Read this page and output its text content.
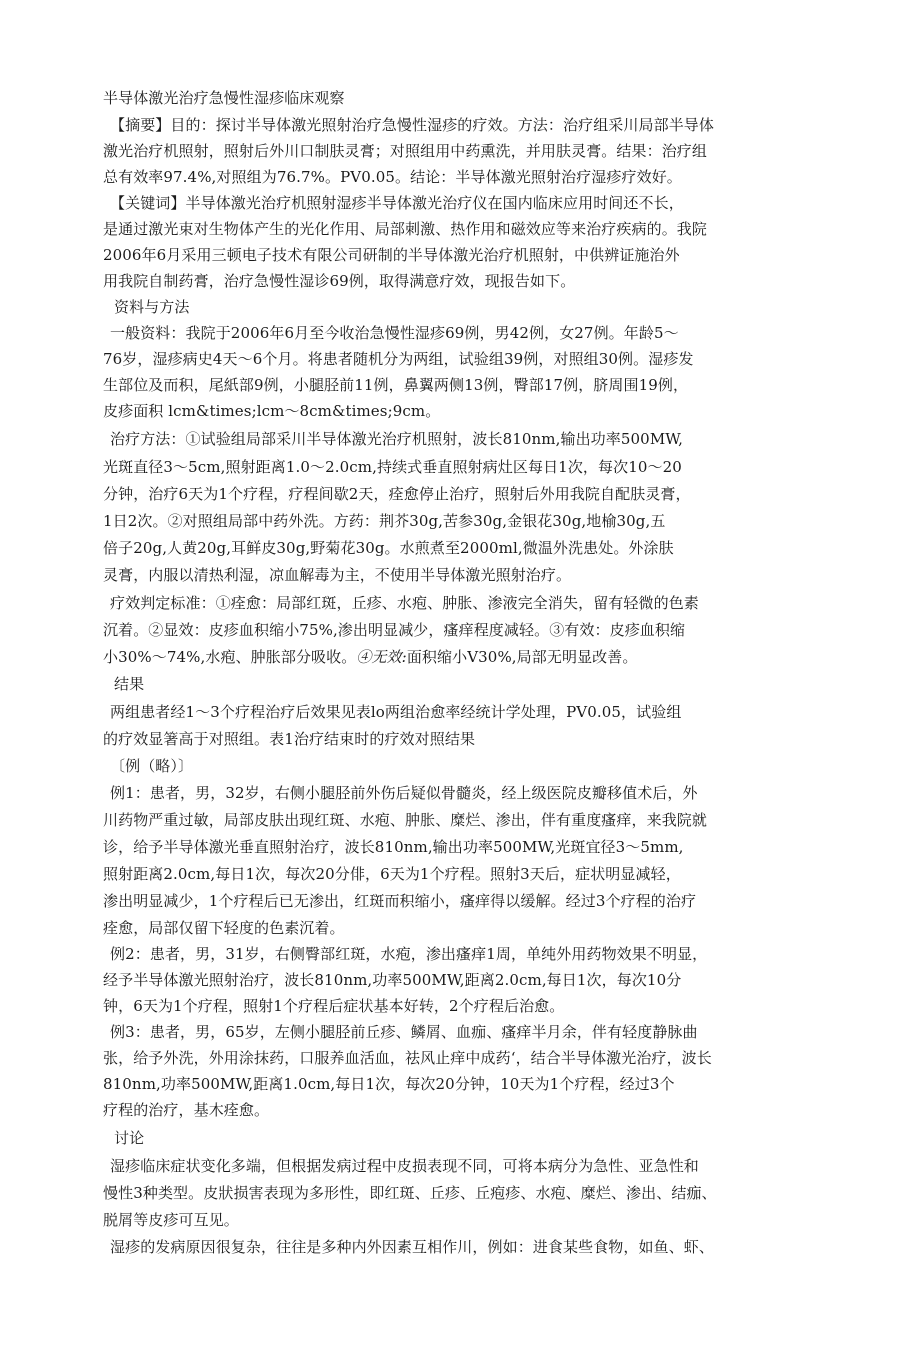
半导体激光治疗急慢性湿疹临床观察
【摘要】目的：探讨半导体激光照射治疗急慢性湿疹的疗效。方法：治疗组采川局部半导体
激光治疗机照射，照射后外川口制肤灵膏；对照组用中药熏洗，并用肤灵膏。结果：治疗组
总有效率97.4%,对照组为76.7%。PV0.05。结论：半导体激光照射治疗湿疹疗效好。
【关键词】半导体激光治疗机照射湿疹半导体激光治疗仪在国内临床应用时间还不长，
是通过激光束对生物体产生的光化作用、局部刺激、热作用和磁效应等来治疗疾病的。我院
2006年6月采用三顿电子技术有限公司研制的半导体激光治疗机照射，中供辨证施治外
用我院自制药膏，治疗急慢性湿诊69例，取得满意疗效，现报告如下。
资料与方法
一般资料：我院于2006年6月至今收治急慢性湿疹69例，男42例，女27例。年龄5～
76岁，湿疹病史4天～6个月。将患者随机分为两组，试验组39例，对照组30例。湿疹发
生部位及而积，尾紙部9例，小腿胫前11例，鼻翼两侧13例，臀部17例，脐周围19例，
皮疹面积 lcm&times;lcm～8cm&times;9cm。
治疗方法：①试验组局部采川半导体激光治疗机照射，波长810nm,输出功率500MW,
光斑直径3～5cm,照射距离1.0～2.0cm,持续式垂直照射病灶区每日1次，每次10～20
分钟，治疗6天为1个疗程，疗程间歇2天，痊愈停止治疗，照射后外用我院自配肤灵膏，
1日2次。②对照组局部中药外洗。方药：荆芥30g,苦参30g,金银花30g,地榆30g,五
倍子20g,人黄20g,耳鲜皮30g,野菊花30g。水煎煮至2000ml,微温外洗患处。外涂肤
灵膏，内服以清热利湿，凉血解毒为主，不使用半导体激光照射治疗。
疗效判定标准：①痊愈：局部红斑，丘疹、水疱、肿胀、渗液完全消失，留有轻微的色素
沉着。②显效：皮疹血积缩小75%,渗出明显减少，瘙痒程度减轻。③有效：皮疹血积缩
小30%～74%,水疱、肿胀部分吸收。④无效:面积缩小V30%,局部无明显改善。
结果
两组患者经1～3个疗程治疗后效果见表lo两组治愈率经统计学处理，PV0.05，试验组
的疗效显箸高于对照组。表1治疗结束时的疗效对照结果
〔例（略）〕
例1：患者，男，32岁，右侧小腿胫前外伤后疑似骨髓炎，经上级医院皮瓣移值术后，外
川药物严重过敏，局部皮肤出现红斑、水疱、肿胀、糜烂、渗出，伴有重度瘙痒，来我院就
诊，给予半导体激光垂直照射治疗，波长810nm,输出功率500MW,光斑宜径3～5mm,
照射距离2.0cm,每日1次，每次20分俳，6天为1个疗程。照射3天后，症状明显减轻，
渗出明显减少，1个疗程后已无渗出，红斑而积缩小，瘙痒得以缓解。经过3个疗程的治疗
痊愈，局部仅留下轻度的色素沉着。
例2：患者，男，31岁，右侧臀部红斑，水疱，渗出瘙痒1周，单纯外用药物效果不明显，
经予半导体激光照射治疗，波长810nm,功率500MW,距离2.0cm,每日1次，每次10分
钟，6天为1个疗程，照射1个疗程后症状基本好转，2个疗程后治愈。
例3：患者，男，65岁，左侧小腿胫前丘疹、鳞屑、血痂、瘙痒半月余，伴有轻度静脉曲
张，给予外洗，外用涂抹药，口服养血活血，祛风止痒中成药‘，结合半导体激光治疗，波长
810nm,功率500MW,距离1.0cm,每日1次，每次20分钟，10天为1个疗程，经过3个
疗程的治疗，基木痊愈。
讨论
湿疹临床症状变化多端，但根据发病过程中皮损表现不同，可将本病分为急性、亚急性和
慢性3种类型。皮狀损害表现为多形性，即红斑、丘疹、丘疱疹、水疱、糜烂、渗出、结痂、
脱屑等皮疹可互见。
湿疹的发病原因很复杂，往往是多种内外因素互相作川，例如：进食某些食物，如鱼、虾、
